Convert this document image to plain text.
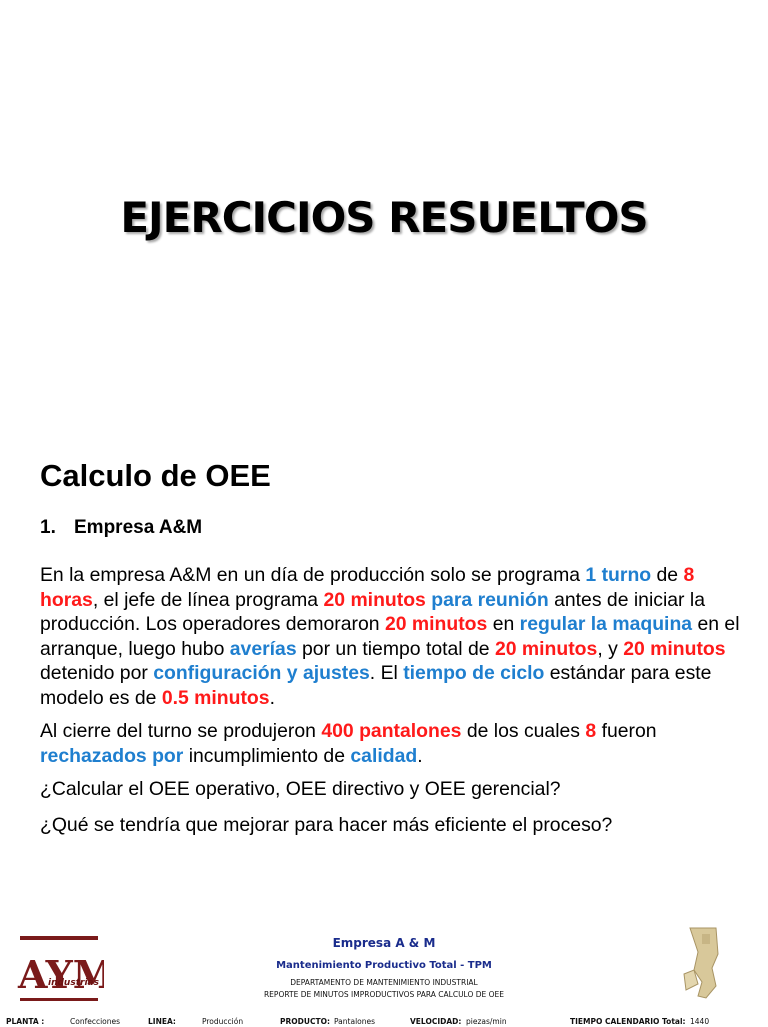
EJERCICIOS RESUELTOS
Calculo de OEE
1. Empresa A&M

En la empresa A&M en un día de producción solo se programa 1 turno de 8 horas, el jefe de línea programa 20 minutos para reunión antes de iniciar la producción. Los operadores demoraron 20 minutos en regular la maquina en el arranque, luego hubo averías por un tiempo total de 20 minutos, y 20 minutos detenido por configuración y ajustes. El tiempo de ciclo estándar para este modelo es de 0.5 minutos.

Al cierre del turno se produjeron 400 pantalones de los cuales 8 fueron rechazados por incumplimiento de calidad.

¿Calcular el OEE operativo, OEE directivo y OEE gerencial?

¿Qué se tendría que mejorar para hacer más eficiente el proceso?

AYM
industrias
Empresa A & M
Mantenimiento Productivo Total - TPM
DEPARTAMENTO DE MANTENIMIENTO INDUSTRIAL
REPORTE DE MINUTOS IMPRODUCTIVOS PARA CALCULO DE OEE
PLANTA :	Confecciones	LINEA:	Producción	PRODUCTO: Pantalones	VELOCIDAD: piezas/min	TIEMPO CALENDARIO Total: 1440
